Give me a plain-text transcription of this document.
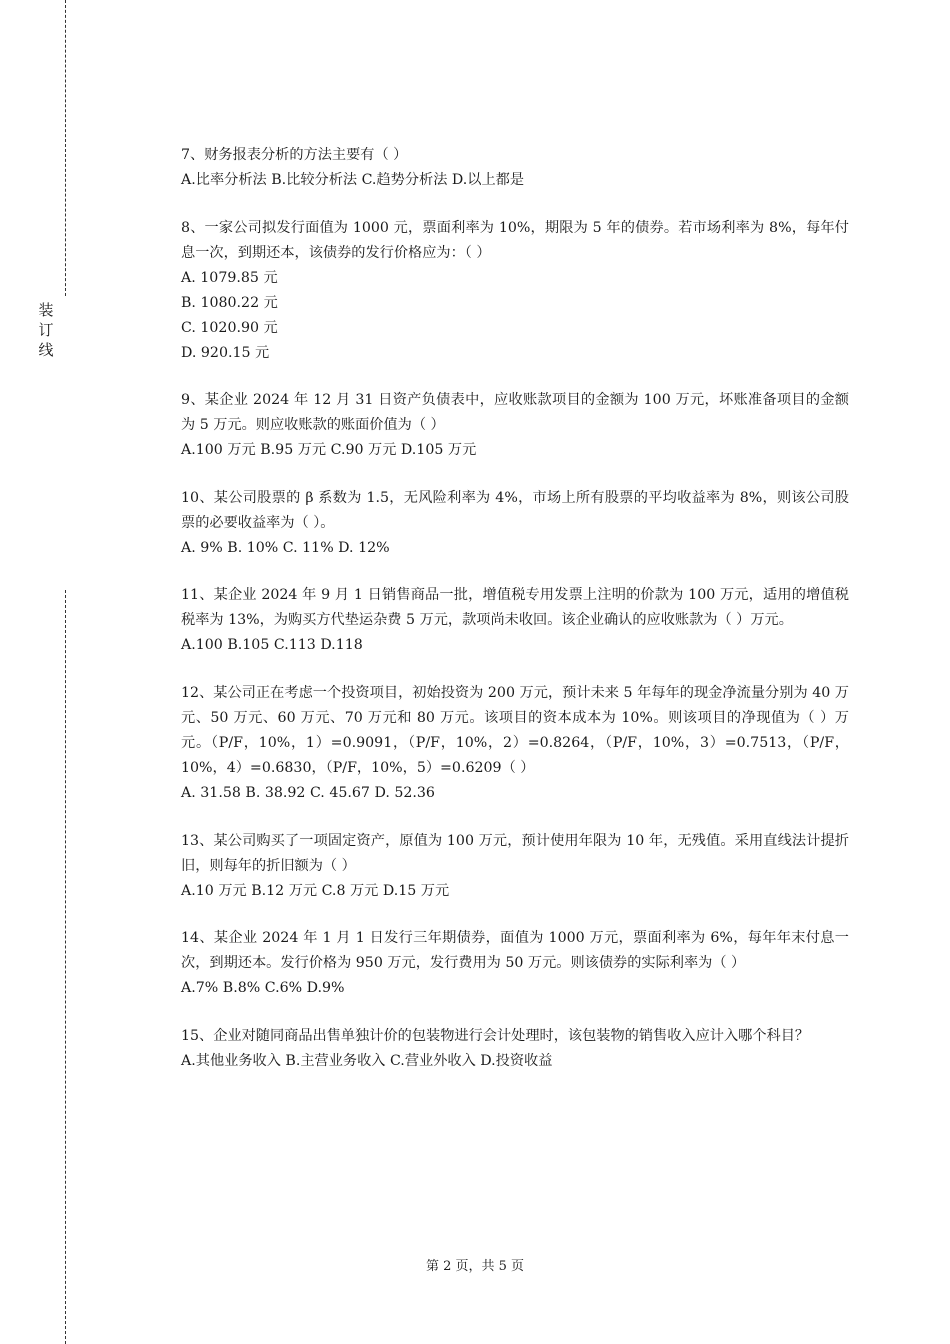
装
订
线
7、财务报表分析的方法主要有（ ）
A.比率分析法 B.比较分析法 C.趋势分析法 D.以上都是
8、一家公司拟发行面值为 1000 元，票面利率为 10%，期限为 5 年的债券。若市场利率为 8%，每年付息一次，到期还本，该债券的发行价格应为：（ ）
A. 1079.85 元
B. 1080.22 元
C. 1020.90 元
D. 920.15 元
9、某企业 2024 年 12 月 31 日资产负债表中，应收账款项目的金额为 100 万元，坏账准备项目的金额为 5 万元。则应收账款的账面价值为（ ）
A.100 万元 B.95 万元 C.90 万元 D.105 万元
10、某公司股票的 β 系数为 1.5，无风险利率为 4%，市场上所有股票的平均收益率为 8%，则该公司股票的必要收益率为（ ）。
A. 9% B. 10% C. 11% D. 12%
11、某企业 2024 年 9 月 1 日销售商品一批，增值税专用发票上注明的价款为 100 万元，适用的增值税税率为 13%，为购买方代垫运杂费 5 万元，款项尚未收回。该企业确认的应收账款为（ ）万元。
A.100 B.105 C.113 D.118
12、某公司正在考虑一个投资项目，初始投资为 200 万元，预计未来 5 年每年的现金净流量分别为 40 万元、50 万元、60 万元、70 万元和 80 万元。该项目的资本成本为 10%。则该项目的净现值为（ ）万元。（P/F，10%，1）=0.9091，（P/F，10%，2）=0.8264，（P/F，10%，3）=0.7513，（P/F，10%，4）=0.6830，（P/F，10%，5）=0.6209（ ）
A. 31.58 B. 38.92 C. 45.67 D. 52.36
13、某公司购买了一项固定资产，原值为 100 万元，预计使用年限为 10 年，无残值。采用直线法计提折旧，则每年的折旧额为（ ）
A.10 万元 B.12 万元 C.8 万元 D.15 万元
14、某企业 2024 年 1 月 1 日发行三年期债券，面值为 1000 万元，票面利率为 6%，每年年末付息一次，到期还本。发行价格为 950 万元，发行费用为 50 万元。则该债券的实际利率为（ ）
A.7% B.8% C.6% D.9%
15、企业对随同商品出售单独计价的包装物进行会计处理时，该包装物的销售收入应计入哪个科目？
A.其他业务收入 B.主营业务收入 C.营业外收入 D.投资收益
第 2 页，共 5 页
